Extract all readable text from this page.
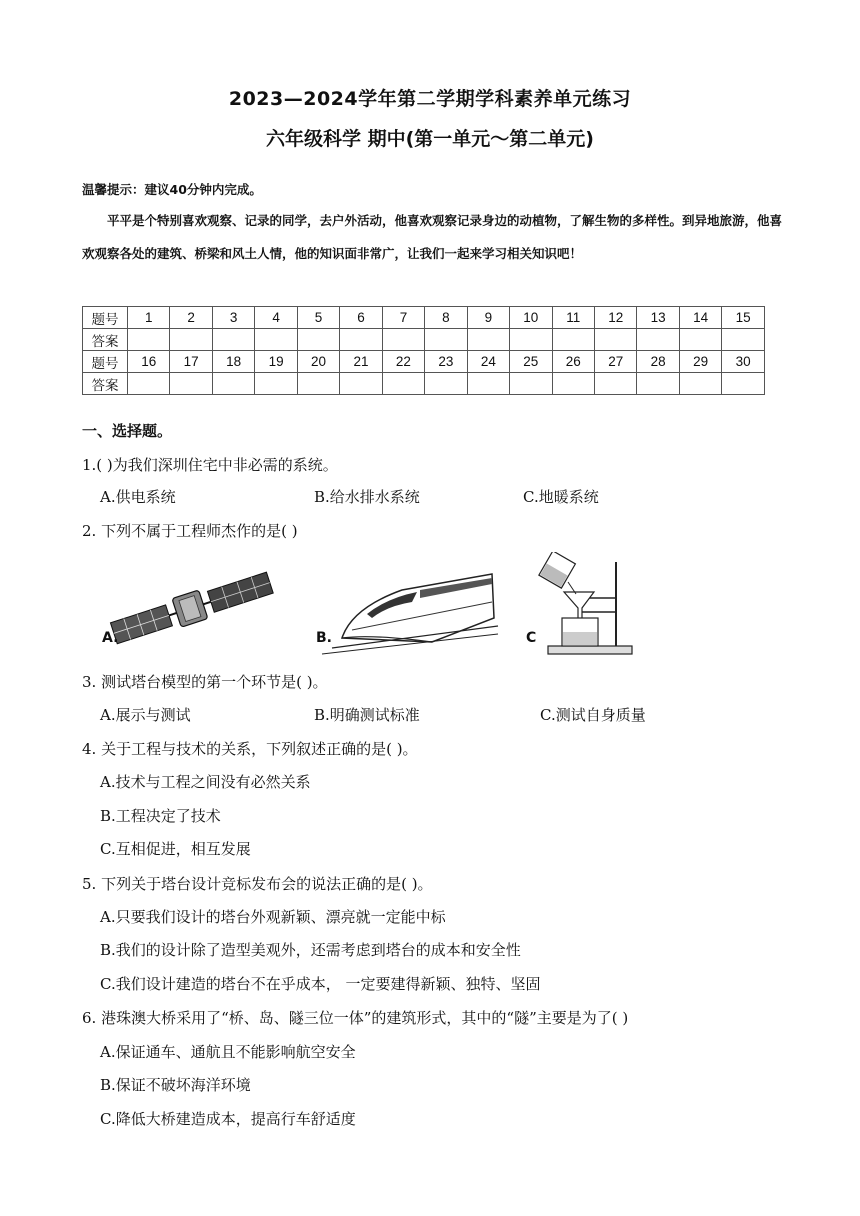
2023—2024学年第二学期学科素养单元练习
六年级科学 期中(第一单元～第二单元)
温馨提示：建议40分钟内完成。
平平是个特别喜欢观察、记录的同学，去户外活动，他喜欢观察记录身边的动植物，了解生物的多样性。到异地旅游，他喜欢观察各处的建筑、桥梁和风土人情，他的知识面非常广，让我们一起来学习相关知识吧！
题号	1	2	3	4	5	6	7	8	9	10	11	12	13	14	15
答案															
题号	16	17	18	19	20	21	22	23	24	25	26	27	28	29	30
答案															
一、选择题。
1.( )为我们深圳住宅中非必需的系统。
A.供电系统	B.给水排水系统	C.地暖系统
2. 下列不属于工程师杰作的是( )
A.	B.	C
3. 测试塔台模型的第一个环节是( )。
A.展示与测试	B.明确测试标准	C.测试自身质量
4. 关于工程与技术的关系，下列叙述正确的是( )。
A.技术与工程之间没有必然关系
B.工程决定了技术
C.互相促进，相互发展
5. 下列关于塔台设计竞标发布会的说法正确的是( )。
A.只要我们设计的塔台外观新颖、漂亮就一定能中标
B.我们的设计除了造型美观外，还需考虑到塔台的成本和安全性
C.我们设计建造的塔台不在乎成本， 一定要建得新颖、独特、坚固
6. 港珠澳大桥采用了“桥、岛、隧三位一体”的建筑形式，其中的“隧”主要是为了( )
A.保证通车、通航且不能影响航空安全
B.保证不破坏海洋环境
C.降低大桥建造成本，提高行车舒适度
